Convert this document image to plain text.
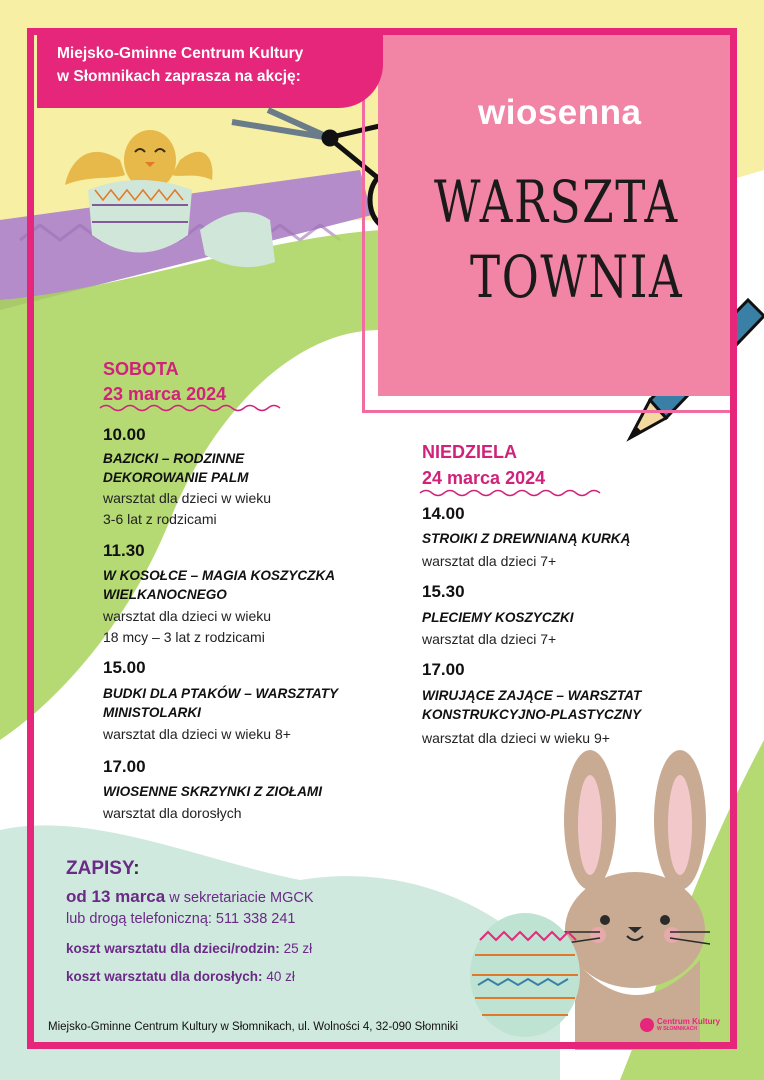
Miejsko-Gminne Centrum Kultury
w Słomnikach zaprasza na akcję:
wiosenna
WARSZTA
TOWNIA
SOBOTA
23 marca 2024
10.00
BAZICKI – RODZINNE
DEKOROWANIE PALM
warsztat dla dzieci w wieku
3-6 lat z rodzicami
11.30
W KOSOŁCE – MAGIA KOSZYCZKA
WIELKANOCNEGO
warsztat dla dzieci w wieku
18 mcy – 3 lat z rodzicami
15.00
BUDKI DLA PTAKÓW – WARSZTATY
MINISTOLARKI
warsztat dla dzieci w wieku 8+
17.00
WIOSENNE SKRZYNKI Z ZIOŁAMI
warsztat dla dorosłych
NIEDZIELA
24 marca 2024
14.00
STROIKI Z DREWNIANĄ KURKĄ
warsztat dla dzieci 7+
15.30
PLECIEMY KOSZYCZKI
warsztat dla dzieci 7+
17.00
WIRUJĄCE ZAJĄCE – WARSZTAT
KONSTRUKCYJNO-PLASTYCZNY
warsztat dla dzieci w wieku 9+
ZAPISY:
od 13 marca w sekretariacie MGCK
lub drogą telefoniczną: 511 338 241
koszt warsztatu dla dzieci/rodzin: 25 zł
koszt warsztatu dla dorosłych: 40 zł
Miejsko-Gminne Centrum Kultury w Słomnikach, ul. Wolności 4, 32-090 Słomniki	Centrum Kultury
W SŁOMNIKACH
